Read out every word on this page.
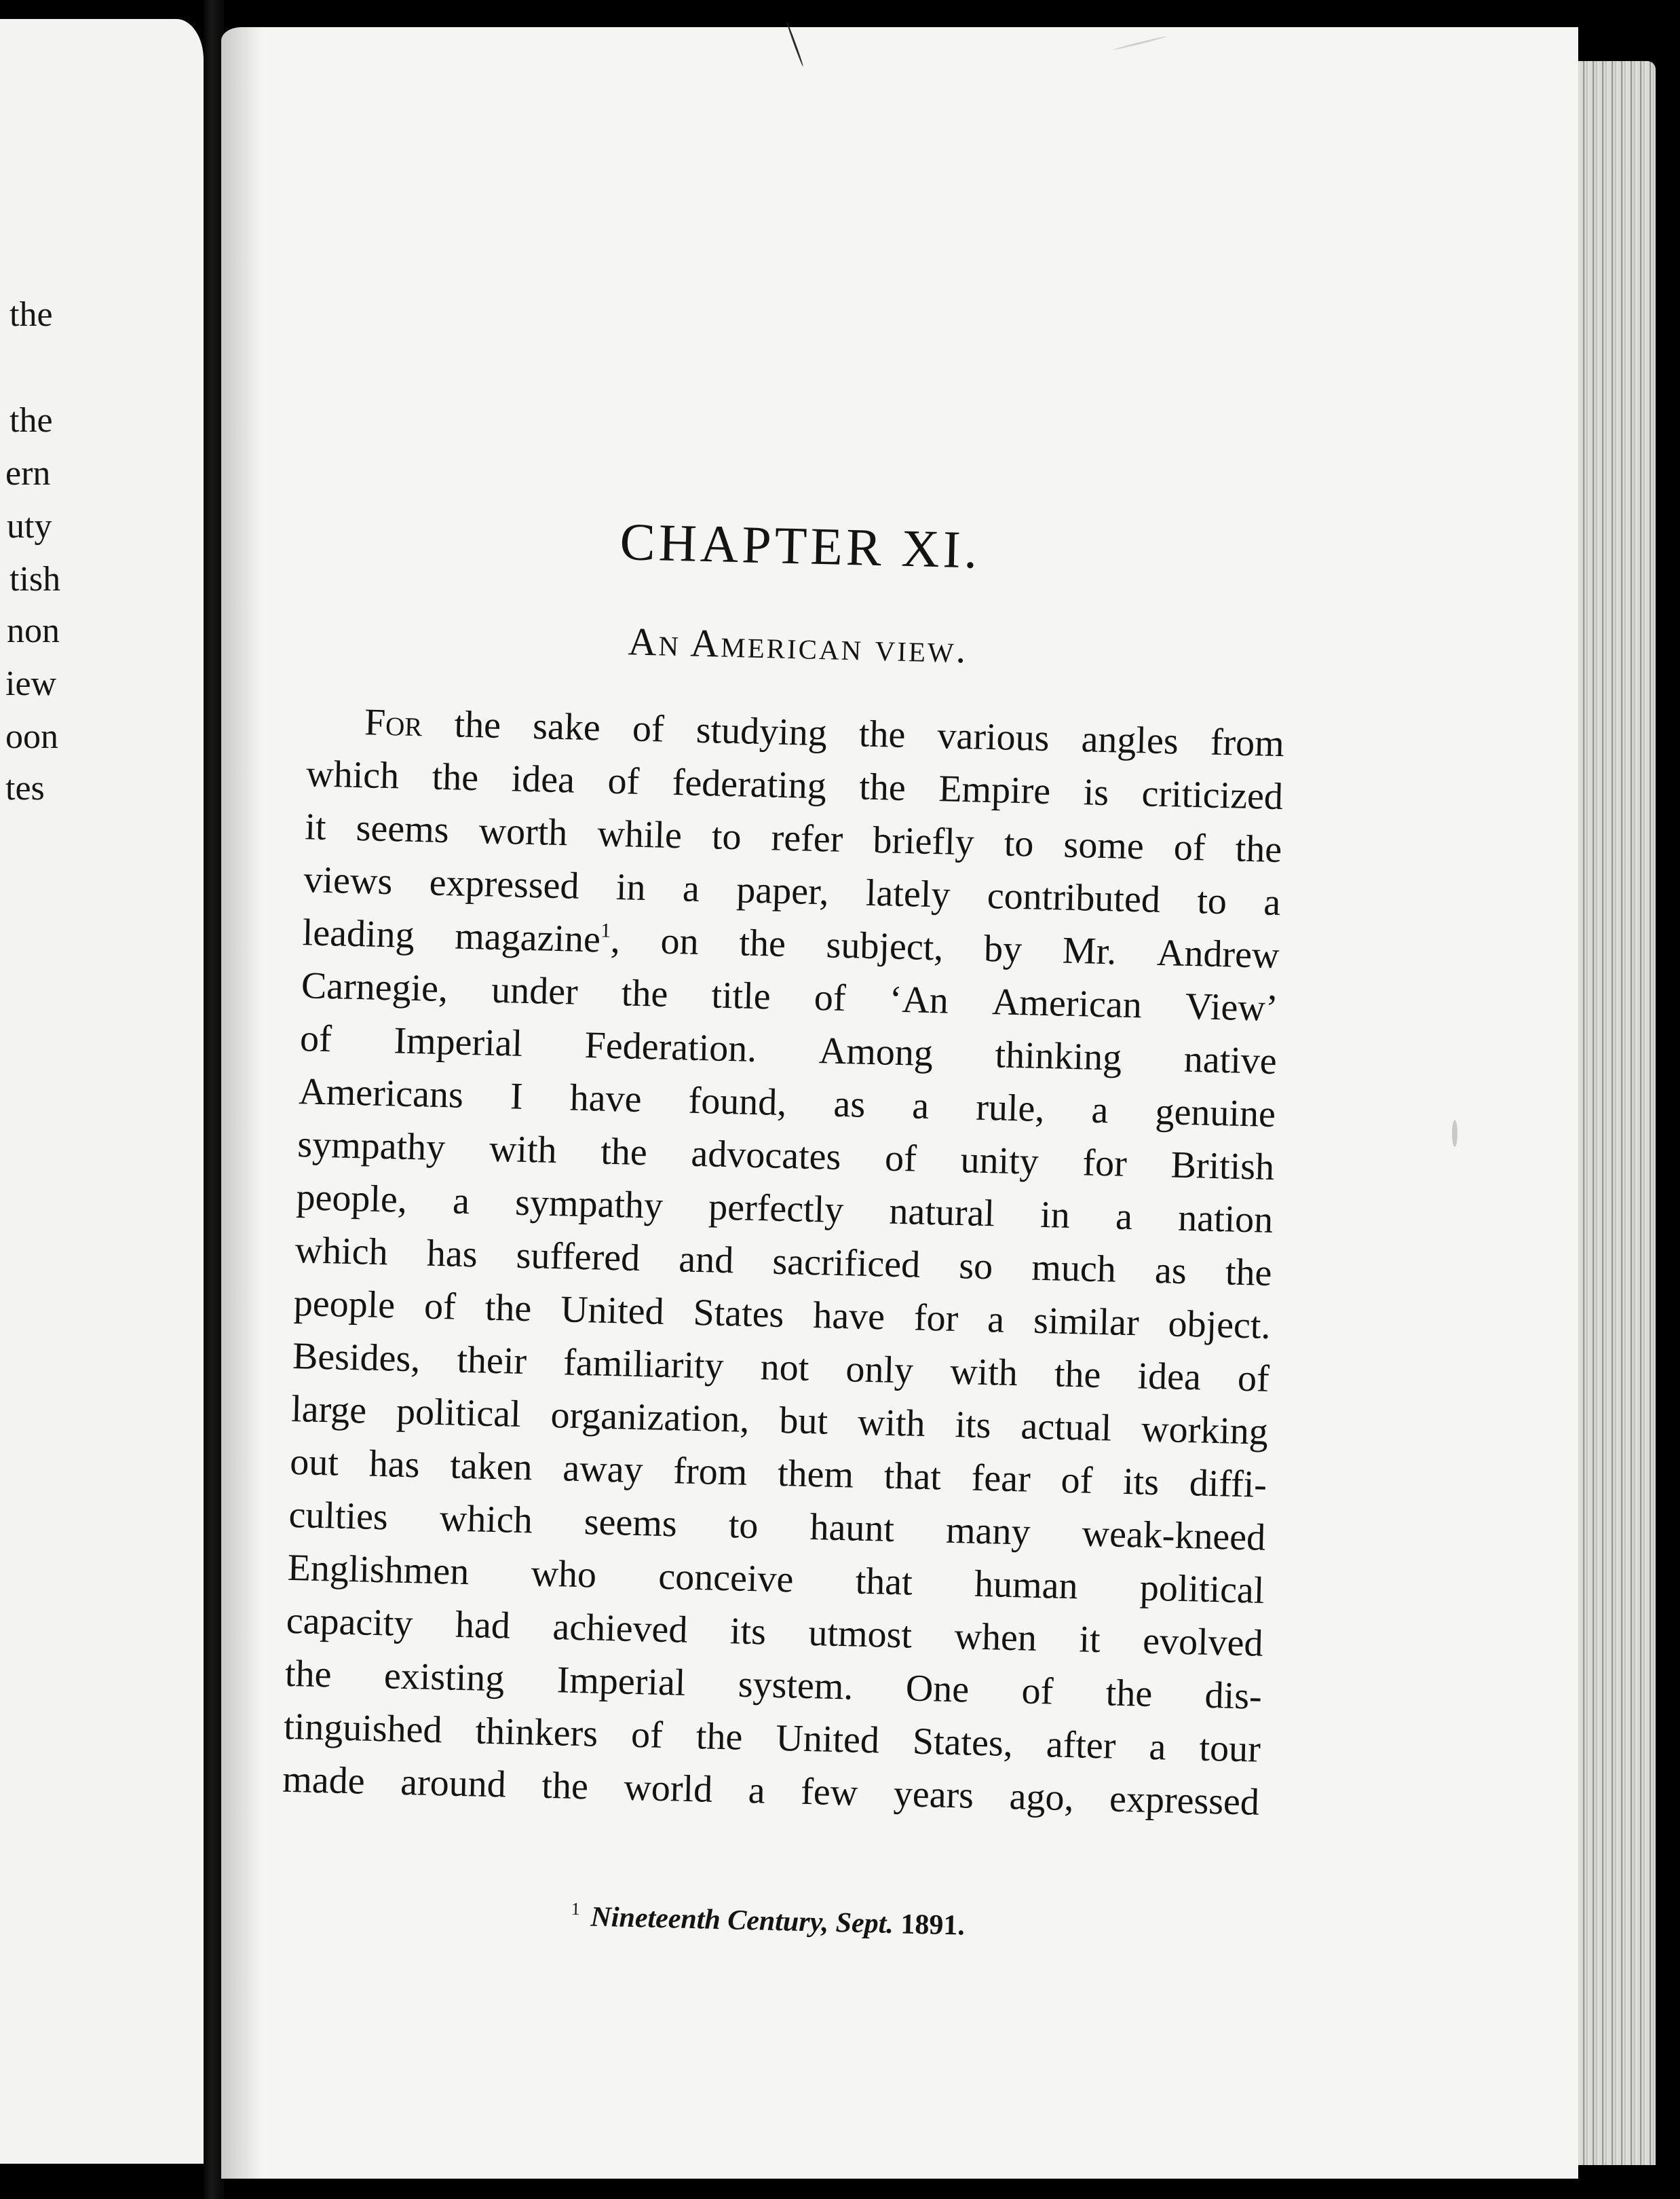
the
the
ern
uty
tish
non
iew
oon
tes
CHAPTER XI.
An American view.
For the sake of studying the various angles from
which the idea of federating the Empire is criticized
it seems worth while to refer briefly to some of the
views expressed in a paper, lately contributed to a
leading magazine$^1$, on the subject, by Mr. Andrew
Carnegie, under the title of ‘An American View’
of Imperial Federation. Among thinking native
Americans I have found, as a rule, a genuine
sympathy with the advocates of unity for British
people, a sympathy perfectly natural in a nation
which has suffered and sacrificed so much as the
people of the United States have for a similar object.
Besides, their familiarity not only with the idea of
large political organization, but with its actual working
out has taken away from them that fear of its diffi-
culties which seems to haunt many weak-kneed
Englishmen who conceive that human political
capacity had achieved its utmost when it evolved
the existing Imperial system. One of the dis-
tinguished thinkers of the United States, after a tour
made around the world a few years ago, expressed
$^1$ Nineteenth Century, Sept. 1891.
